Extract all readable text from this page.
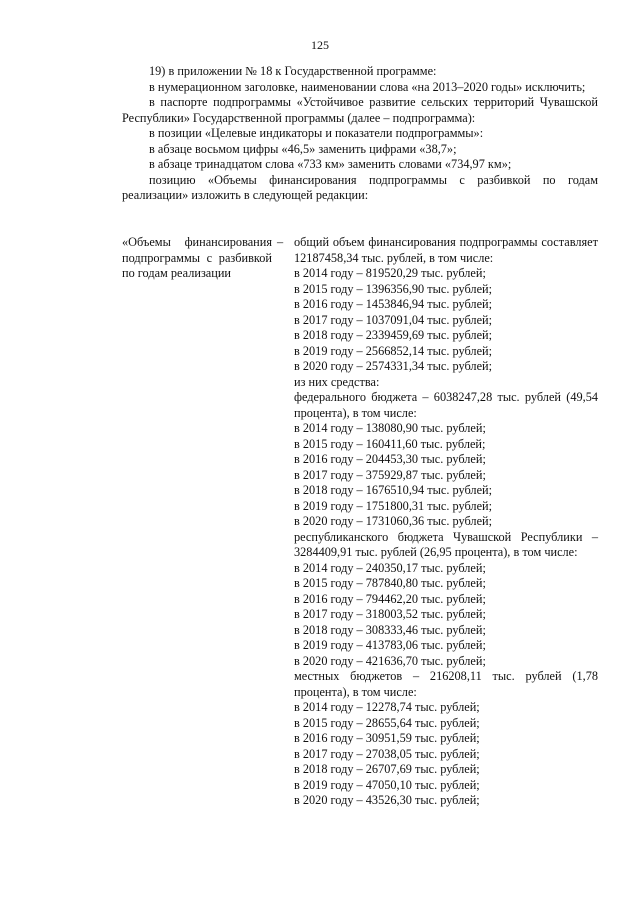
125
19) в приложении № 18 к Государственной программе:
в нумерационном заголовке, наименовании слова «на 2013–2020 годы» исключить;
в паспорте подпрограммы «Устойчивое развитие сельских территорий Чувашской Республики» Государственной программы (далее – подпрограмма):
в позиции «Целевые индикаторы и показатели подпрограммы»:
в абзаце восьмом цифры «46,5» заменить цифрами «38,7»;
в абзаце тринадцатом слова «733 км» заменить словами «734,97 км»;
позицию «Объемы финансирования подпрограммы с разбивкой по годам реализации» изложить в следующей редакции:
«Объемы финансирования подпрограммы с разбивкой по годам реализации
– общий объем финансирования подпрограммы составляет 12187458,34 тыс. рублей, в том числе:
в 2014 году – 819520,29 тыс. рублей;
в 2015 году – 1396356,90 тыс. рублей;
в 2016 году – 1453846,94 тыс. рублей;
в 2017 году – 1037091,04 тыс. рублей;
в 2018 году – 2339459,69 тыс. рублей;
в 2019 году – 2566852,14 тыс. рублей;
в 2020 году – 2574331,34 тыс. рублей;
из них средства:
федерального бюджета – 6038247,28 тыс. рублей (49,54 процента), в том числе:
в 2014 году – 138080,90 тыс. рублей;
в 2015 году – 160411,60 тыс. рублей;
в 2016 году – 204453,30 тыс. рублей;
в 2017 году – 375929,87 тыс. рублей;
в 2018 году – 1676510,94 тыс. рублей;
в 2019 году – 1751800,31 тыс. рублей;
в 2020 году – 1731060,36 тыс. рублей;
республиканского бюджета Чувашской Республики – 3284409,91 тыс. рублей (26,95 процента), в том числе:
в 2014 году – 240350,17 тыс. рублей;
в 2015 году – 787840,80 тыс. рублей;
в 2016 году – 794462,20 тыс. рублей;
в 2017 году – 318003,52 тыс. рублей;
в 2018 году – 308333,46 тыс. рублей;
в 2019 году – 413783,06 тыс. рублей;
в 2020 году – 421636,70 тыс. рублей;
местных бюджетов – 216208,11 тыс. рублей (1,78 процента), в том числе:
в 2014 году – 12278,74 тыс. рублей;
в 2015 году – 28655,64 тыс. рублей;
в 2016 году – 30951,59 тыс. рублей;
в 2017 году – 27038,05 тыс. рублей;
в 2018 году – 26707,69 тыс. рублей;
в 2019 году – 47050,10 тыс. рублей;
в 2020 году – 43526,30 тыс. рублей;
